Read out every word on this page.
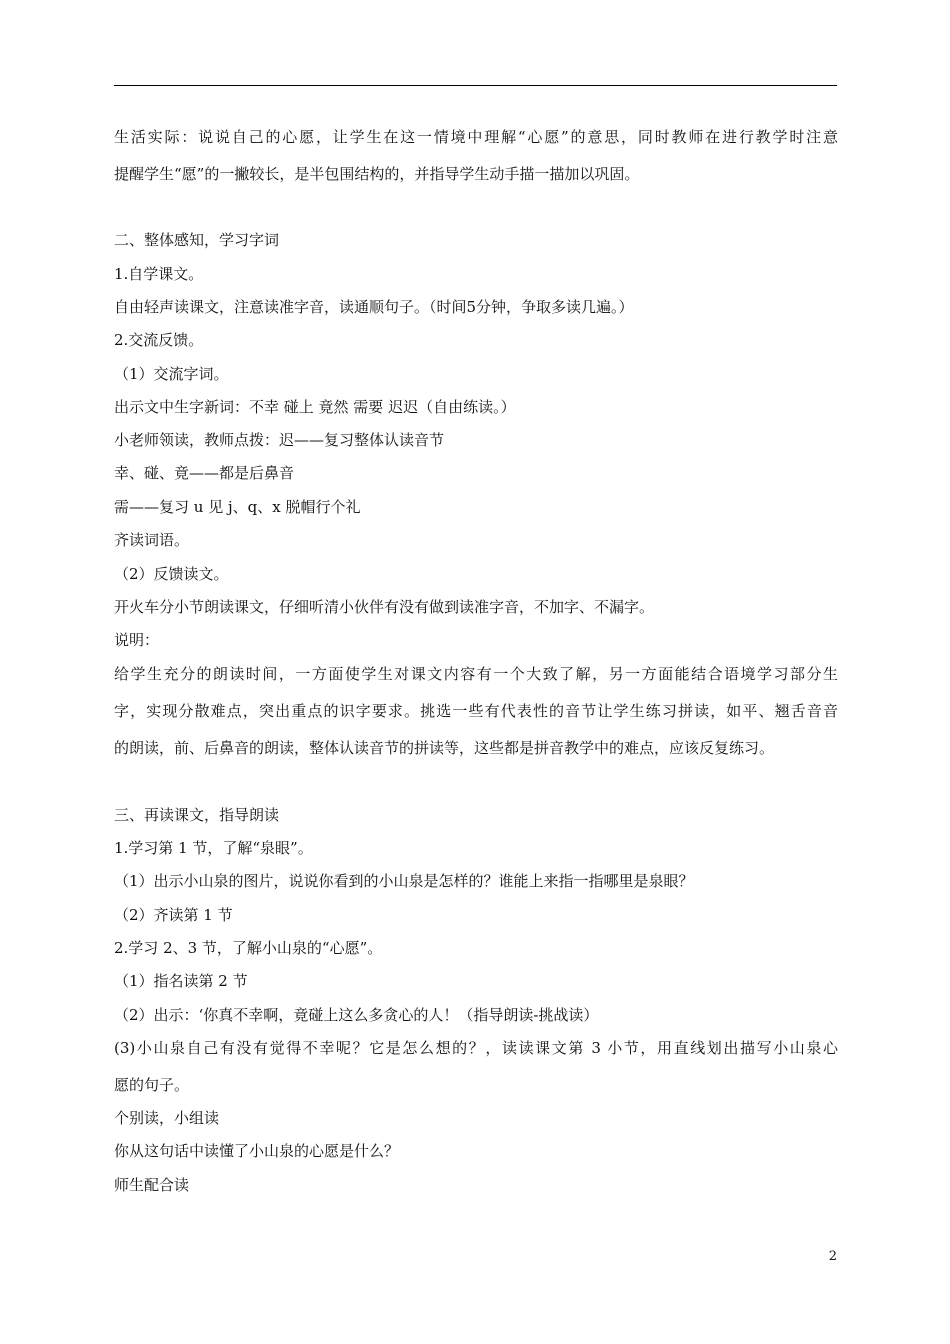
生活实际：说说自己的心愿，让学生在这一情境中理解“心愿”的意思，同时教师在进行教学时注意
提醒学生“愿”的一撇较长，是半包围结构的，并指导学生动手描一描加以巩固。
二、整体感知，学习字词
1.自学课文。
自由轻声读课文，注意读准字音，读通顺句子。（时间5分钟，争取多读几遍。）
2.交流反馈。
（1）交流字词。
出示文中生字新词：不幸 碰上 竟然 需要 迟迟（自由练读。）
小老师领读，教师点拨：迟——复习整体认读音节
幸、碰、竟——都是后鼻音
需——复习 u 见 j、q、x 脱帽行个礼
齐读词语。
（2）反馈读文。
开火车分小节朗读课文，仔细听清小伙伴有没有做到读准字音，不加字、不漏字。
说明：
给学生充分的朗读时间，一方面使学生对课文内容有一个大致了解，另一方面能结合语境学习部分生
字，实现分散难点，突出重点的识字要求。挑选一些有代表性的音节让学生练习拼读，如平、翘舌音音
的朗读，前、后鼻音的朗读，整体认读音节的拼读等，这些都是拼音教学中的难点，应该反复练习。
三、再读课文，指导朗读
1.学习第 1 节，了解“泉眼”。
（1）出示小山泉的图片，说说你看到的小山泉是怎样的？谁能上来指一指哪里是泉眼？
（2）齐读第 1 节
2.学习 2、3 节，了解小山泉的“心愿”。
（1）指名读第 2 节
（2）出示：‘你真不幸啊，竟碰上这么多贪心的人！（指导朗读-挑战读）
(3)小山泉自己有没有觉得不幸呢？它是怎么想的？，读读课文第 3 小节，用直线划出描写小山泉心
愿的句子。
个别读，小组读
你从这句话中读懂了小山泉的心愿是什么？
师生配合读
2
